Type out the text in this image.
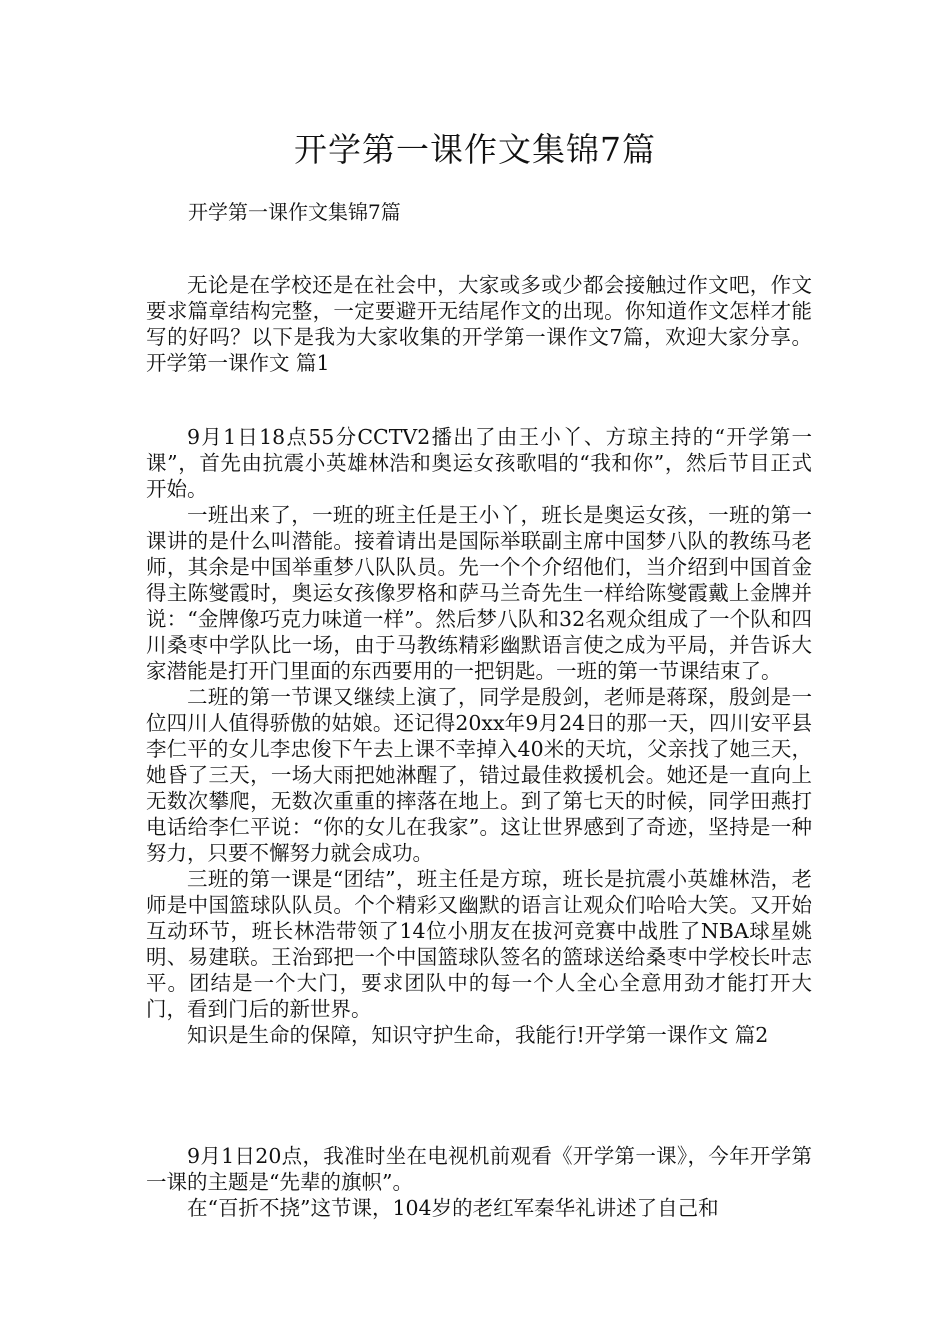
开学第一课作文集锦7篇
开学第一课作文集锦7篇

无论是在学校还是在社会中，大家或多或少都会接触过作文吧，作文要求篇章结构完整，一定要避开无结尾作文的出现。你知道作文怎样才能写的好吗？以下是我为大家收集的开学第一课作文7篇，欢迎大家分享。开学第一课作文 篇1

9月1日18点55分CCTV2播出了由王小丫、方琼主持的“开学第一课”，首先由抗震小英雄林浩和奥运女孩歌唱的“我和你”，然后节目正式开始。

一班出来了，一班的班主任是王小丫，班长是奥运女孩，一班的第一课讲的是什么叫潜能。接着请出是国际举联副主席中国梦八队的教练马老师，其余是中国举重梦八队队员。先一个个介绍他们，当介绍到中国首金得主陈燮霞时，奥运女孩像罗格和萨马兰奇先生一样给陈燮霞戴上金牌并说：“金牌像巧克力味道一样”。然后梦八队和32名观众组成了一个队和四川桑枣中学队比一场，由于马教练精彩幽默语言使之成为平局，并告诉大家潜能是打开门里面的东西要用的一把钥匙。一班的第一节课结束了。

二班的第一节课又继续上演了，同学是殷剑，老师是蒋琛，殷剑是一位四川人值得骄傲的姑娘。还记得20xx年9月24日的那一天，四川安平县李仁平的女儿李忠俊下午去上课不幸掉入40米的天坑，父亲找了她三天，她昏了三天，一场大雨把她淋醒了，错过最佳救援机会。她还是一直向上无数次攀爬，无数次重重的摔落在地上。到了第七天的时候，同学田燕打电话给李仁平说：“你的女儿在我家”。这让世界感到了奇迹，坚持是一种努力，只要不懈努力就会成功。

三班的第一课是“团结”，班主任是方琼，班长是抗震小英雄林浩，老师是中国篮球队队员。个个精彩又幽默的语言让观众们哈哈大笑。又开始互动环节，班长林浩带领了14位小朋友在拔河竞赛中战胜了NBA球星姚明、易建联。王治郅把一个中国篮球队签名的篮球送给桑枣中学校长叶志平。团结是一个大门，要求团队中的每一个人全心全意用劲才能打开大门，看到门后的新世界。

知识是生命的保障，知识守护生命，我能行!开学第一课作文 篇2

9月1日20点，我准时坐在电视机前观看《开学第一课》，今年开学第一课的主题是“先辈的旗帜”。

在“百折不挠”这节课，104岁的老红军秦华礼讲述了自己和
